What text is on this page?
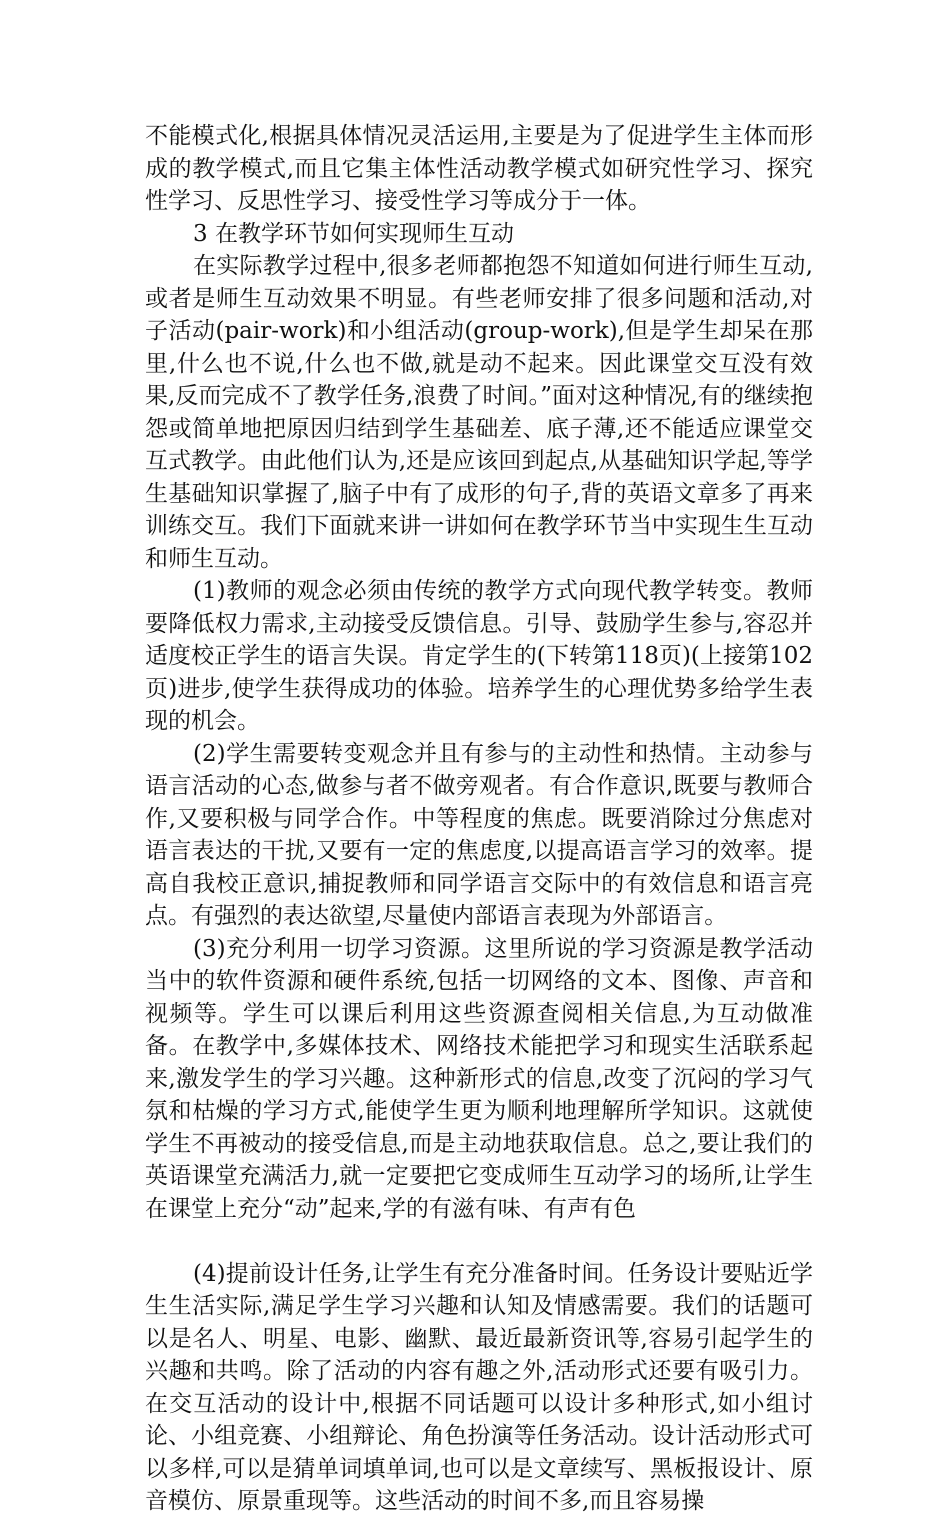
不能模式化,根据具体情况灵活运用,主要是为了促进学生主体而形成的教学模式,而且它集主体性活动教学模式如研究性学习、探究性学习、反思性学习、接受性学习等成分于一体。

3 在教学环节如何实现师生互动

在实际教学过程中,很多老师都抱怨不知道如何进行师生互动,或者是师生互动效果不明显。有些老师安排了很多问题和活动,对子活动(pair-work)和小组活动(group-work),但是学生却呆在那里,什么也不说,什么也不做,就是动不起来。因此课堂交互没有效果,反而完成不了教学任务,浪费了时间。”面对这种情况,有的继续抱怨或简单地把原因归结到学生基础差、底子薄,还不能适应课堂交互式教学。由此他们认为,还是应该回到起点,从基础知识学起,等学生基础知识掌握了,脑子中有了成形的句子,背的英语文章多了再来训练交互。我们下面就来讲一讲如何在教学环节当中实现生生互动和师生互动。

(1)教师的观念必须由传统的教学方式向现代教学转变。教师要降低权力需求,主动接受反馈信息。引导、鼓励学生参与,容忍并适度校正学生的语言失误。肯定学生的(下转第118页)(上接第102页)进步,使学生获得成功的体验。培养学生的心理优势多给学生表现的机会。

(2)学生需要转变观念并且有参与的主动性和热情。主动参与语言活动的心态,做参与者不做旁观者。有合作意识,既要与教师合作,又要积极与同学合作。中等程度的焦虑。既要消除过分焦虑对语言表达的干扰,又要有一定的焦虑度,以提高语言学习的效率。提高自我校正意识,捕捉教师和同学语言交际中的有效信息和语言亮点。有强烈的表达欲望,尽量使内部语言表现为外部语言。

(3)充分利用一切学习资源。这里所说的学习资源是教学活动当中的软件资源和硬件系统,包括一切网络的文本、图像、声音和视频等。学生可以课后利用这些资源查阅相关信息,为互动做准备。在教学中,多媒体技术、网络技术能把学习和现实生活联系起来,激发学生的学习兴趣。这种新形式的信息,改变了沉闷的学习气氛和枯燥的学习方式,能使学生更为顺利地理解所学知识。这就使学生不再被动的接受信息,而是主动地获取信息。总之,要让我们的英语课堂充满活力,就一定要把它变成师生互动学习的场所,让学生在课堂上充分“动”起来,学的有滋有味、有声有色

(4)提前设计任务,让学生有充分准备时间。任务设计要贴近学生生活实际,满足学生学习兴趣和认知及情感需要。我们的话题可以是名人、明星、电影、幽默、最近最新资讯等,容易引起学生的兴趣和共鸣。除了活动的内容有趣之外,活动形式还要有吸引力。在交互活动的设计中,根据不同话题可以设计多种形式,如小组讨论、小组竞赛、小组辩论、角色扮演等任务活动。设计活动形式可以多样,可以是猜单词填单词,也可以是文章续写、黑板报设计、原音模仿、原景重现等。这些活动的时间不多,而且容易操
